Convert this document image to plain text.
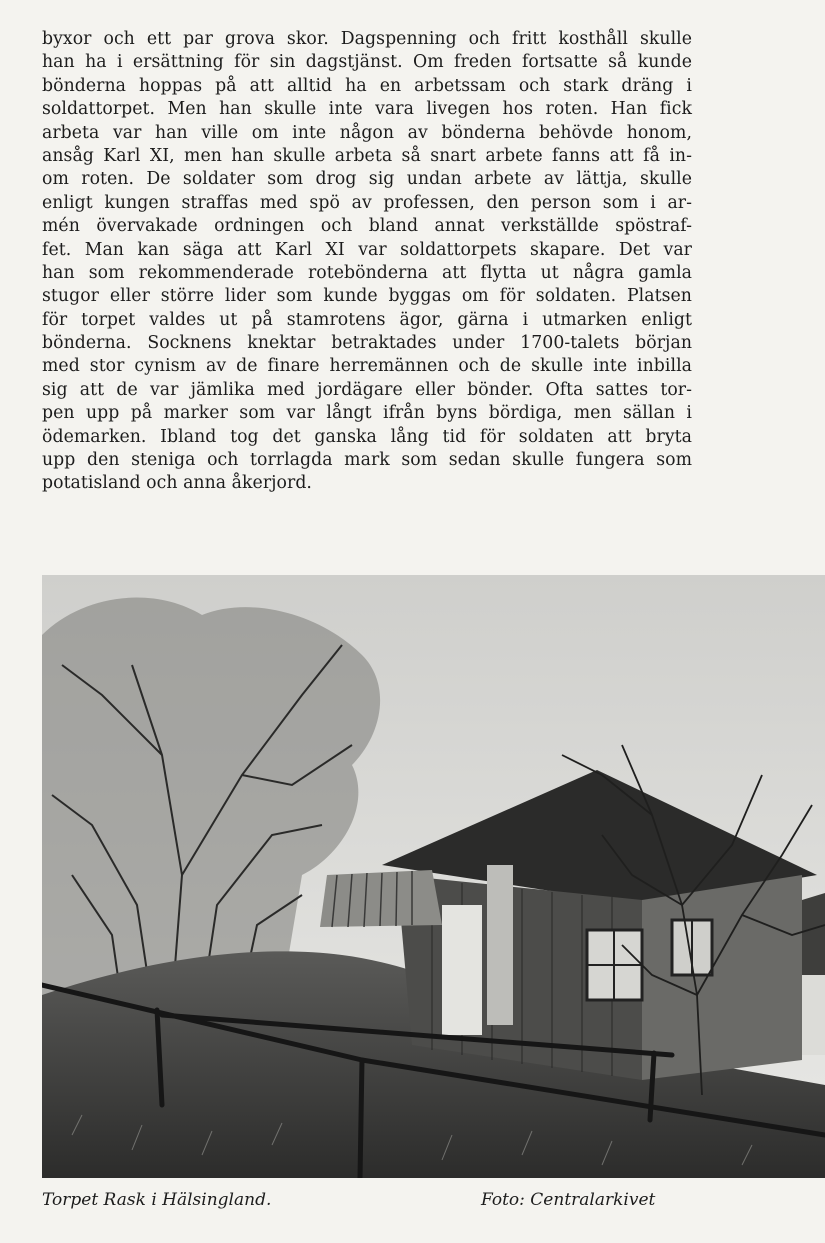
byxor och ett par grova skor. Dagspenning och fritt kosthåll skulle
han ha i ersättning för sin dagstjänst. Om freden fortsatte så kunde
bönderna hoppas på att alltid ha en arbetssam och stark dräng i
soldattorpet. Men han skulle inte vara livegen hos roten. Han fick
arbeta var han ville om inte någon av bönderna behövde honom,
ansåg Karl XI, men han skulle arbeta så snart arbete fanns att få in-
om roten. De soldater som drog sig undan arbete av lättja, skulle
enligt kungen straffas med spö av professen, den person som i ar-
mén övervakade ordningen och bland annat verkställde spöstraf-
fet. Man kan säga att Karl XI var soldattorpets skapare. Det var
han som rekommenderade rotebönderna att flytta ut några gamla
stugor eller större lider som kunde byggas om för soldaten. Platsen
för torpet valdes ut på stamrotens ägor, gärna i utmarken enligt
bönderna. Socknens knektar betraktades under 1700-talets början
med stor cynism av de finare herremännen och de skulle inte inbilla
sig att de var jämlika med jordägare eller bönder. Ofta sattes tor-
pen upp på marker som var långt ifrån byns bördiga, men sällan i
ödemarken. Ibland tog det ganska lång tid för soldaten att bryta
upp den steniga och torrlagda mark som sedan skulle fungera som
potatisland och anna åkerjord.
Torpet Rask i Hälsingland.	Foto: Centralarkivet
